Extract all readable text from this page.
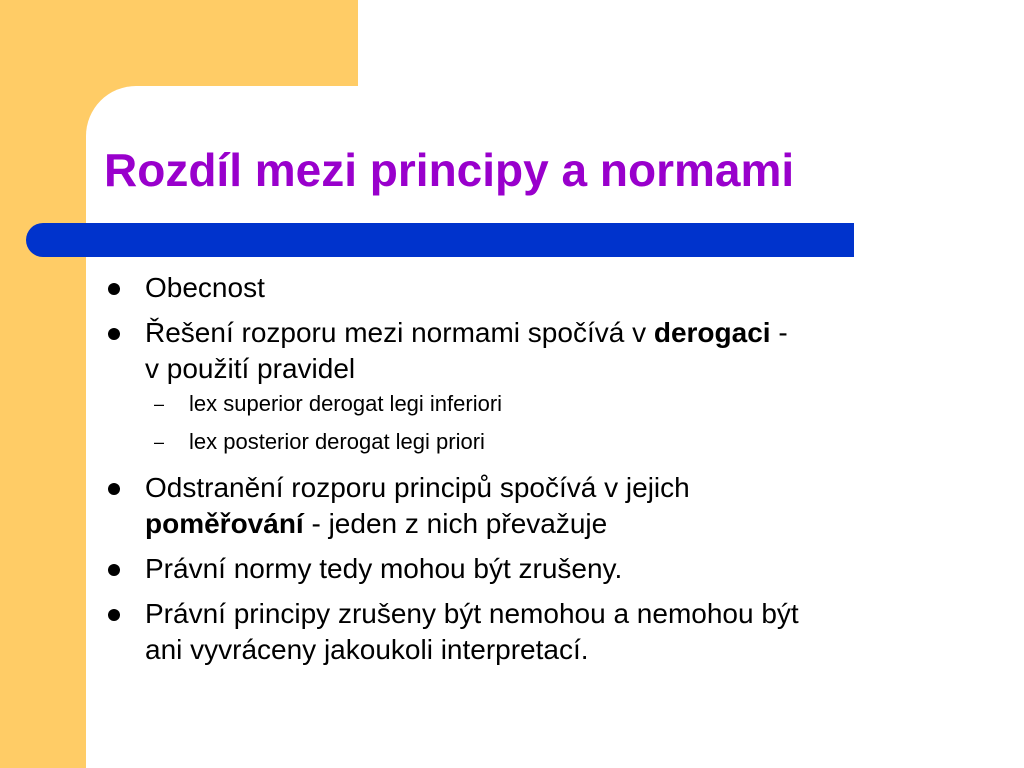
Rozdíl mezi principy a normami
Obecnost
Řešení rozporu mezi normami spočívá v derogaci -
v použití pravidel
– lex superior derogat legi inferiori
– lex posterior derogat legi priori
Odstranění rozporu principů spočívá v jejich
poměřování - jeden z nich převažuje
Právní normy tedy mohou být zrušeny.
Právní principy zrušeny být nemohou a nemohou být
ani vyvráceny jakoukoli interpretací.
